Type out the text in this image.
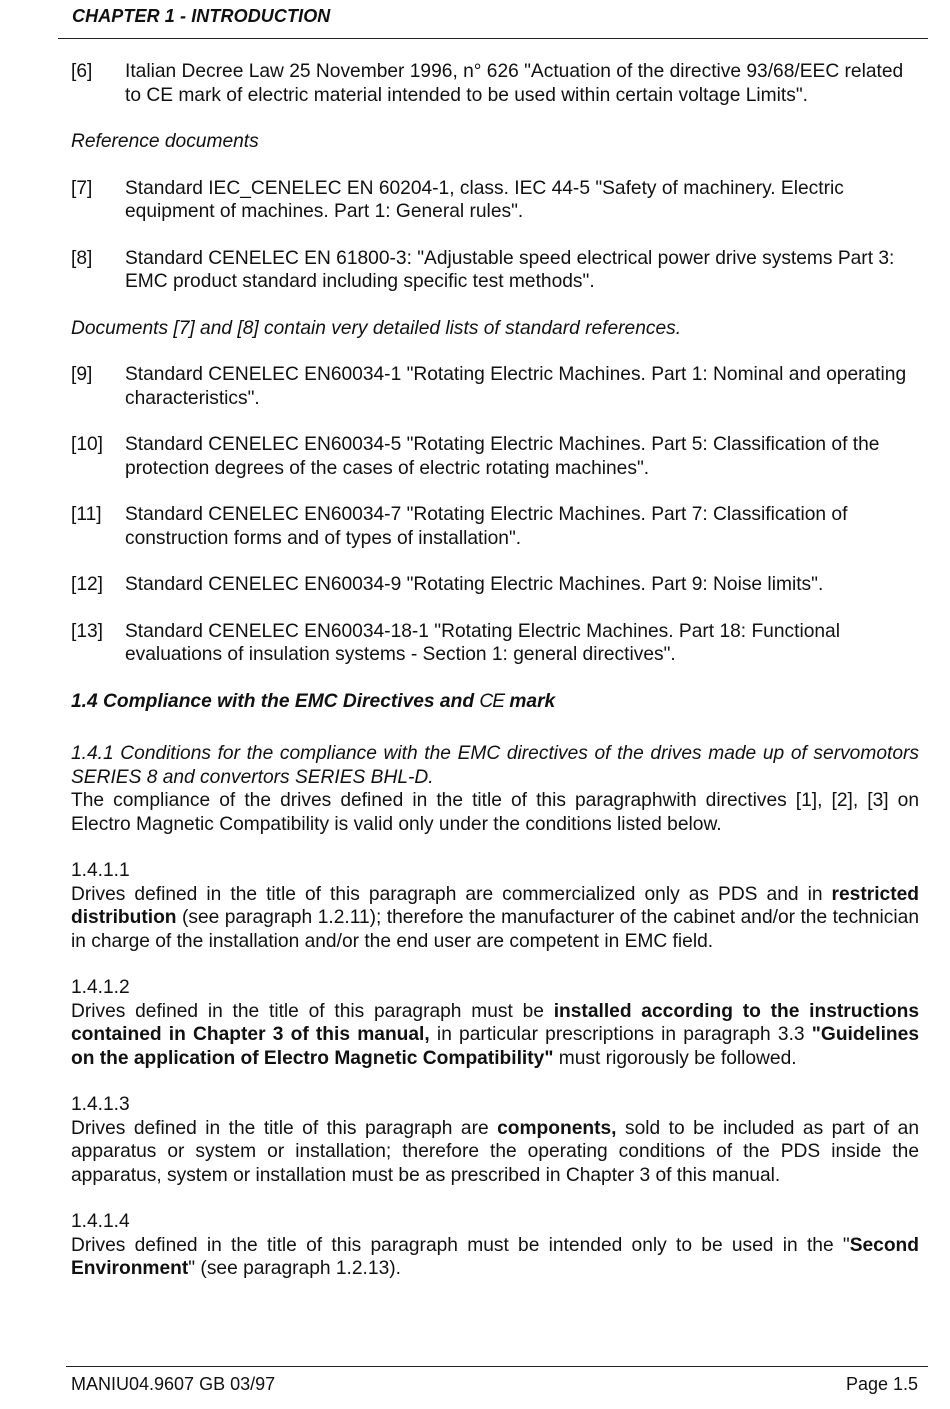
CHAPTER 1 - INTRODUCTION
[6]	Italian Decree Law 25 November 1996, n° 626 "Actuation of the directive 93/68/EEC related to CE mark of electric material intended to be used within certain voltage Limits".
Reference documents
[7]	Standard IEC_CENELEC EN 60204-1, class. IEC 44-5 "Safety of machinery. Electric equipment of machines. Part 1: General rules".
[8]	Standard CENELEC EN 61800-3: "Adjustable speed electrical power drive systems Part 3: EMC product standard including specific test methods".
Documents [7] and [8] contain very detailed lists of standard references.
[9]	Standard CENELEC EN60034-1 "Rotating Electric Machines. Part 1: Nominal and operating characteristics".
[10]	Standard CENELEC EN60034-5 "Rotating Electric Machines. Part 5: Classification of the protection degrees of the cases of electric rotating machines".
[11]	Standard CENELEC EN60034-7 "Rotating Electric Machines. Part 7: Classification of construction forms and of types of installation".
[12]	Standard CENELEC EN60034-9 "Rotating Electric Machines. Part 9: Noise limits".
[13]	Standard CENELEC EN60034-18-1 "Rotating Electric Machines. Part 18: Functional evaluations of insulation systems - Section 1: general directives".
1.4 Compliance with the EMC Directives and CE mark
1.4.1 Conditions for the compliance with the EMC directives of the drives made up of servomotors SERIES 8 and convertors SERIES BHL-D.
The compliance of the drives defined in the title of this paragraphwith directives [1], [2], [3] on Electro Magnetic Compatibility is valid only under the conditions listed below.
1.4.1.1
Drives defined in the title of this paragraph are commercialized only as PDS and in restricted distribution (see paragraph 1.2.11); therefore the manufacturer of the cabinet and/or the technician in charge of the installation and/or the end user are competent in EMC field.
1.4.1.2
Drives defined in the title of this paragraph must be installed according to the instructions contained in Chapter 3 of this manual, in particular prescriptions in paragraph 3.3 "Guidelines on the application of Electro Magnetic Compatibility" must rigorously be followed.
1.4.1.3
Drives defined in the title of this paragraph are components, sold to be included as part of an apparatus or system or installation; therefore the operating conditions of the PDS inside the apparatus, system or installation must be as prescribed in Chapter 3 of this manual.
1.4.1.4
Drives defined in the title of this paragraph must be intended only to be used in the "Second Environment" (see paragraph 1.2.13).
MANIU04.9607 GB 03/97	Page 1.5
